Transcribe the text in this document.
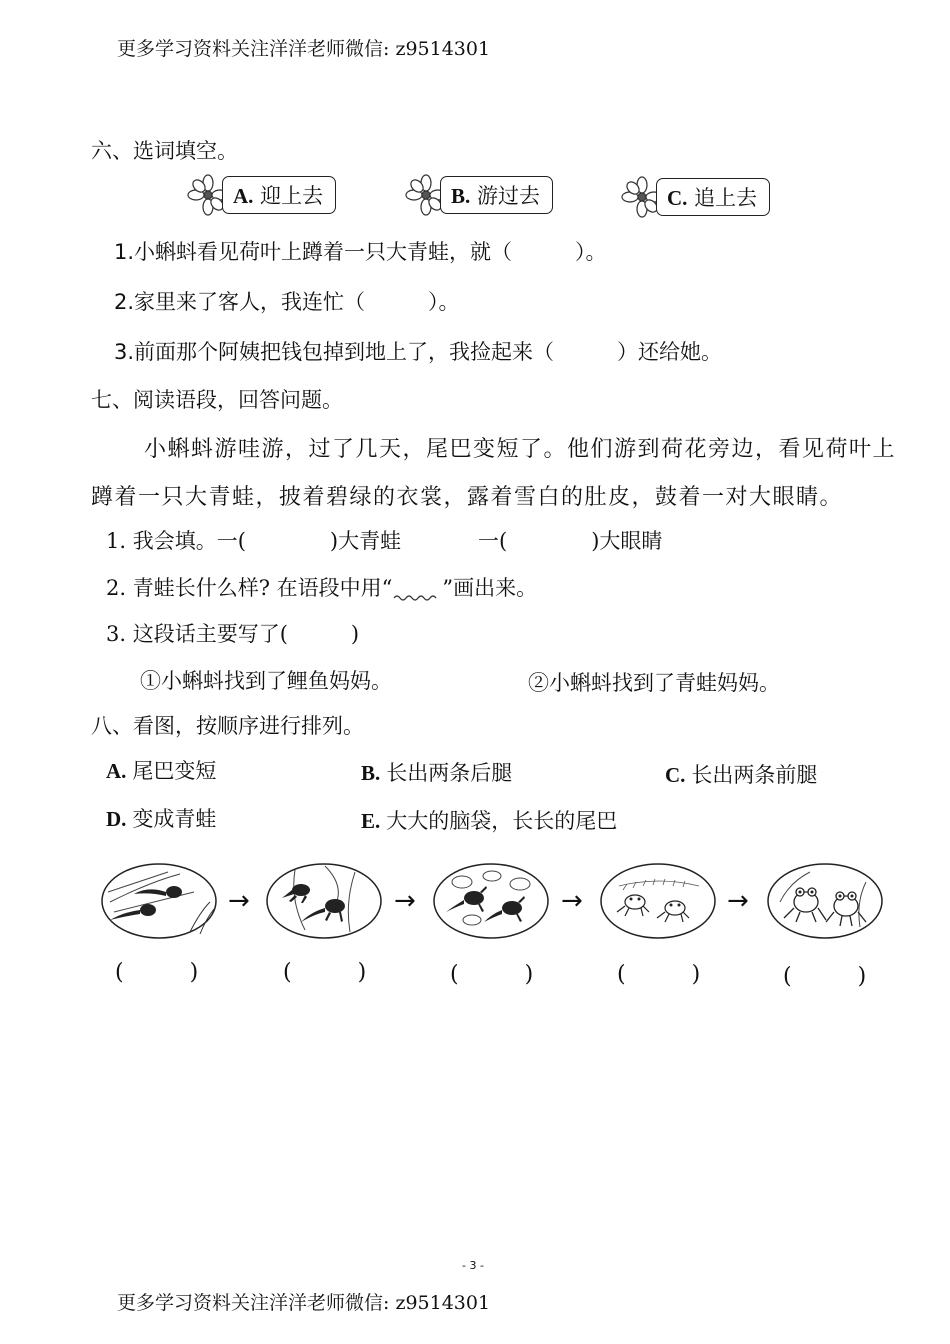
更多学习资料关注洋洋老师微信: z9514301
六、选词填空。
A. 迎上去	B. 游过去	C. 追上去
1.小蝌蚪看见荷叶上蹲着一只大青蛙，就（　　　）。
2.家里来了客人，我连忙（　　　）。
3.前面那个阿姨把钱包掉到地上了，我捡起来（　　　）还给她。
七、阅读语段，回答问题。
小蝌蚪游哇游，过了几天，尾巴变短了。他们游到荷花旁边，看见荷叶上
蹲着一只大青蛙，披着碧绿的衣裳，露着雪白的肚皮，鼓着一对大眼睛。
1. 我会填。一(　　　　)大青蛙	一(　　　　)大眼睛
2. 青蛙长什么样? 在语段中用“ ”画出来。
3. 这段话主要写了(　　　)
①小蝌蚪找到了鲤鱼妈妈。	②小蝌蚪找到了青蛙妈妈。
八、看图，按顺序进行排列。
A. 尾巴变短	B. 长出两条后腿	C. 长出两条前腿
D. 变成青蛙	E. 大大的脑袋，长长的尾巴
→	→	→	→
(　　　)	(　　　)	(　　　)	(　　　)	(　　　)
- 3 -
更多学习资料关注洋洋老师微信: z9514301
